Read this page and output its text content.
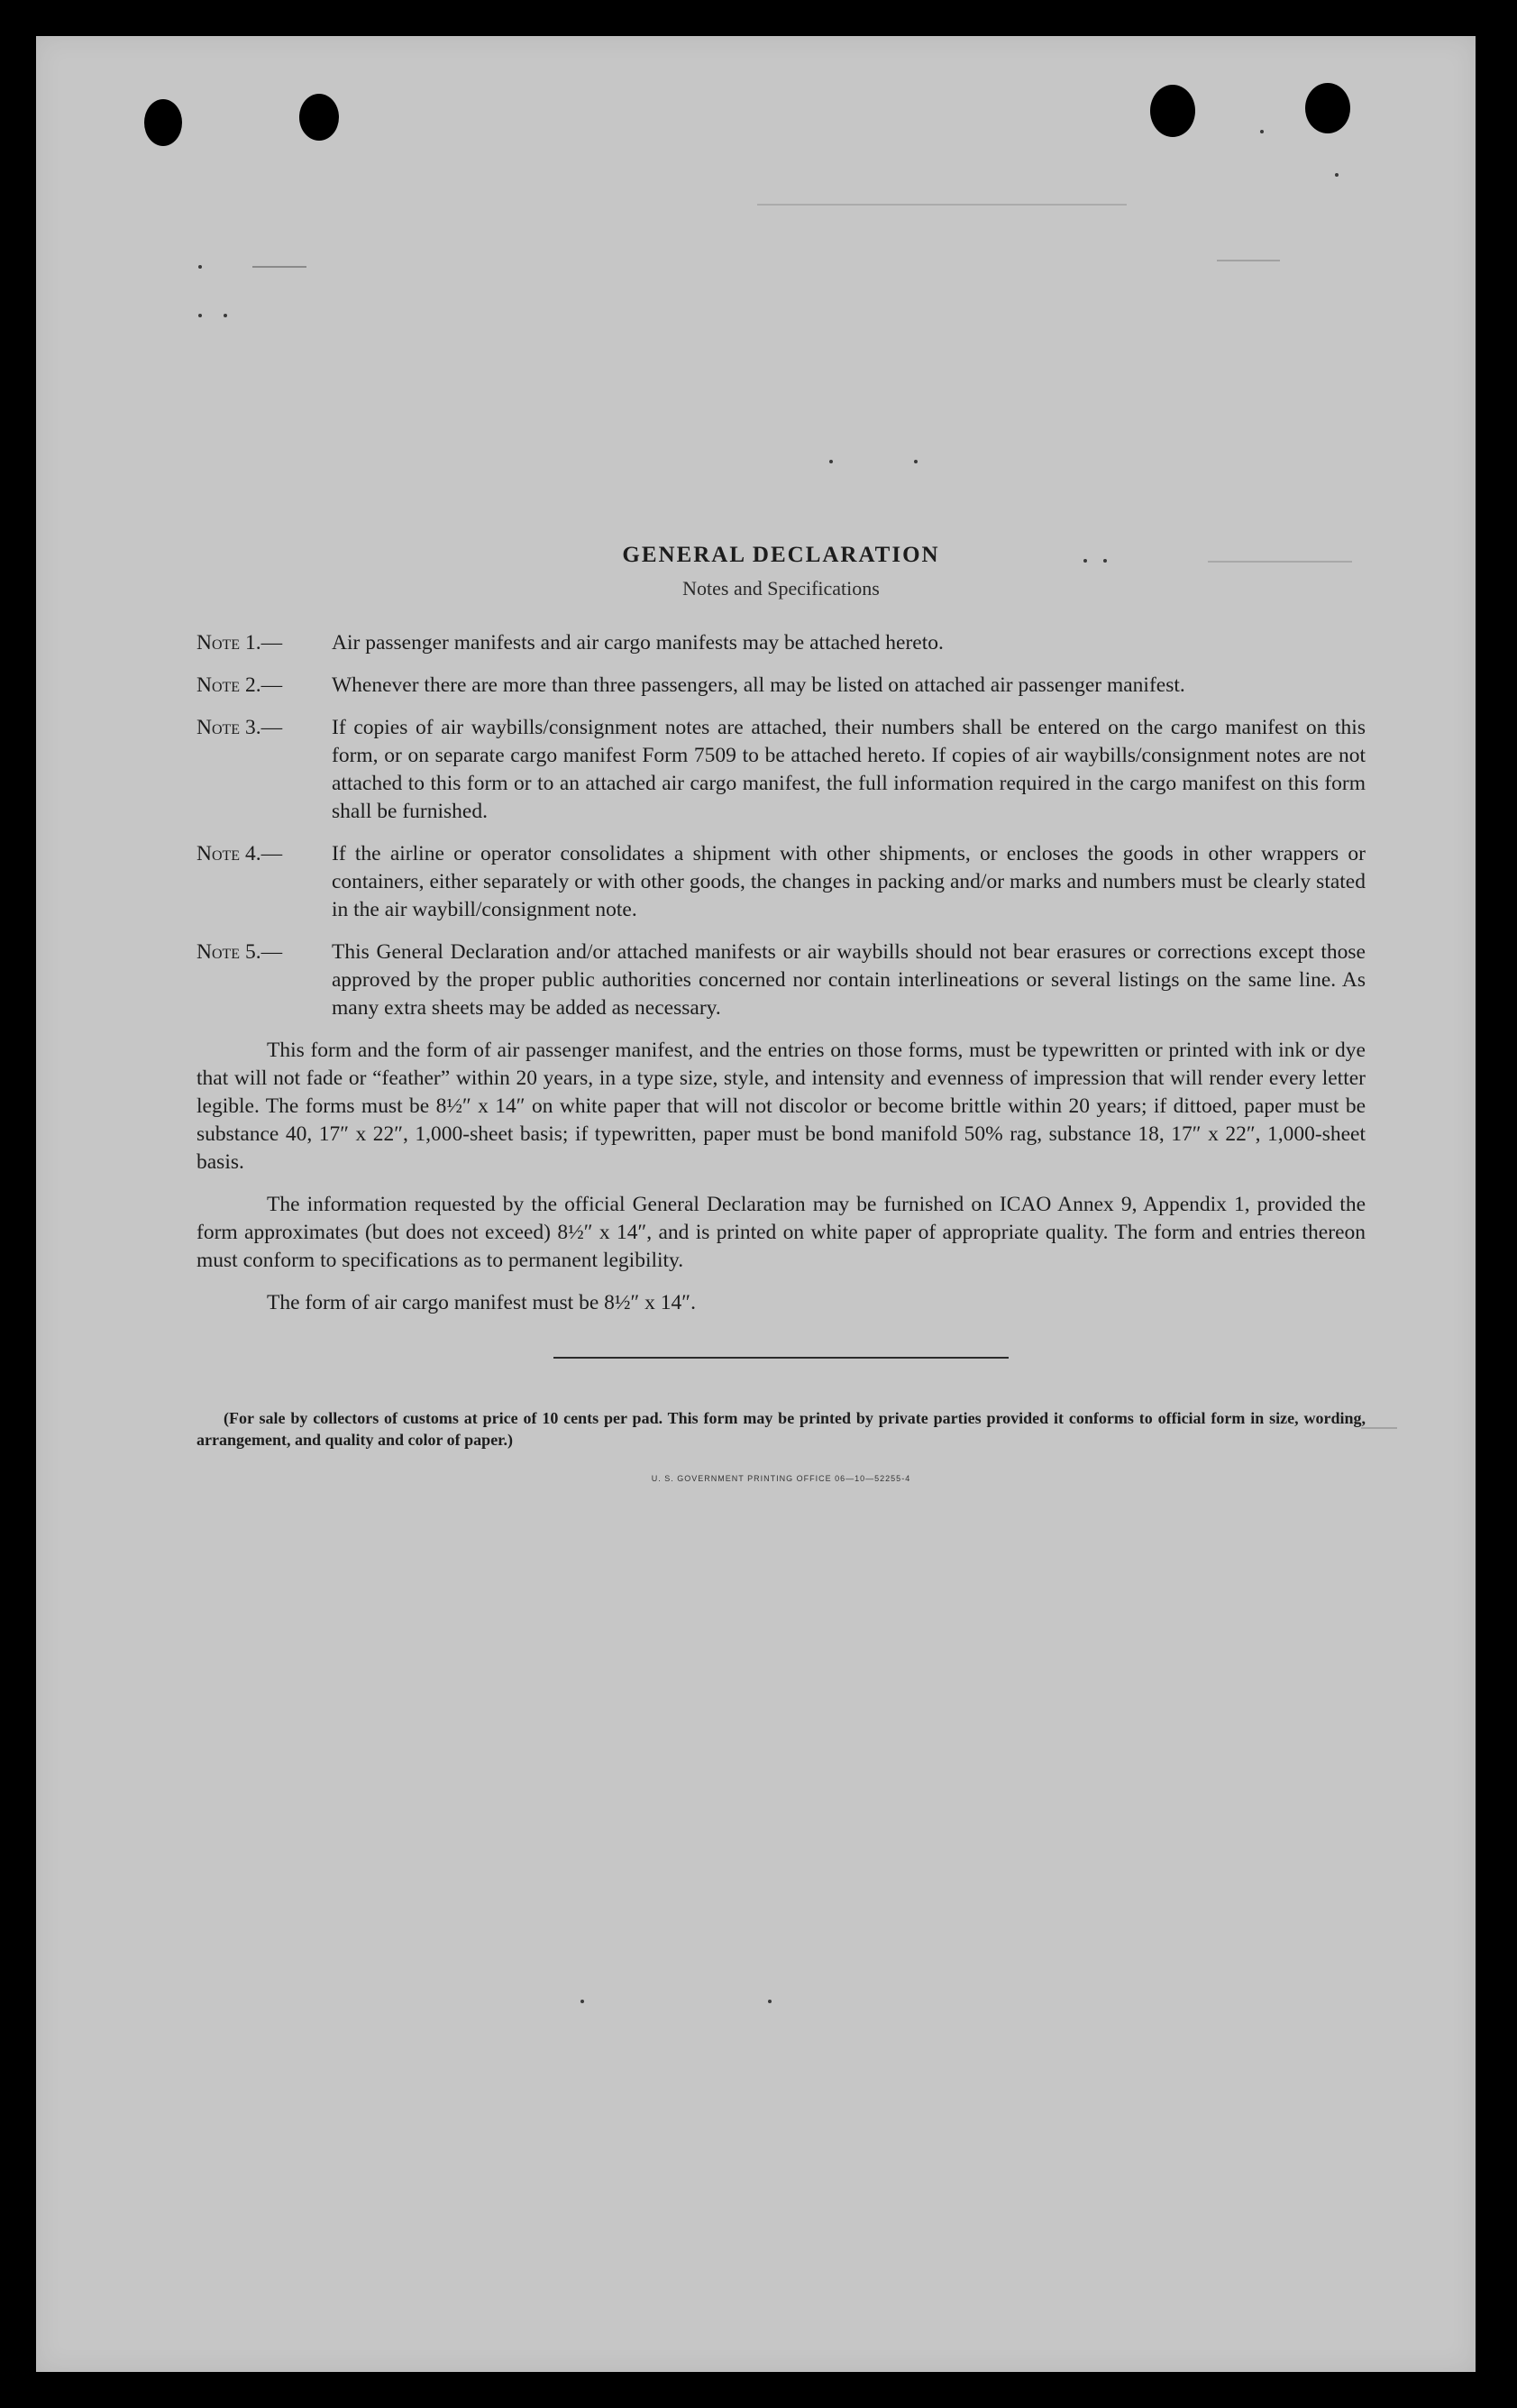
GENERAL DECLARATION
Notes and Specifications
Note 1.—	Air passenger manifests and air cargo manifests may be attached hereto.
Note 2.—	Whenever there are more than three passengers, all may be listed on attached air passenger manifest.
Note 3.—	If copies of air waybills/consignment notes are attached, their numbers shall be entered on the cargo manifest on this form, or on separate cargo manifest Form 7509 to be attached hereto. If copies of air waybills/consignment notes are not attached to this form or to an attached air cargo manifest, the full information required in the cargo manifest on this form shall be furnished.
Note 4.—	If the airline or operator consolidates a shipment with other shipments, or encloses the goods in other wrappers or containers, either separately or with other goods, the changes in packing and/or marks and numbers must be clearly stated in the air waybill/consignment note.
Note 5.—	This General Declaration and/or attached manifests or air waybills should not bear erasures or corrections except those approved by the proper public authorities concerned nor contain interlineations or several listings on the same line. As many extra sheets may be added as necessary.
This form and the form of air passenger manifest, and the entries on those forms, must be typewritten or printed with ink or dye that will not fade or “feather” within 20 years, in a type size, style, and intensity and evenness of impression that will render every letter legible. The forms must be 8½″ x 14″ on white paper that will not discolor or become brittle within 20 years; if dittoed, paper must be substance 40, 17″ x 22″, 1,000-sheet basis; if typewritten, paper must be bond manifold 50% rag, substance 18, 17″ x 22″, 1,000-sheet basis.
The information requested by the official General Declaration may be furnished on ICAO Annex 9, Appendix 1, provided the form approximates (but does not exceed) 8½″ x 14″, and is printed on white paper of appropriate quality. The form and entries thereon must conform to specifications as to permanent legibility.
The form of air cargo manifest must be 8½″ x 14″.
(For sale by collectors of customs at price of 10 cents per pad. This form may be printed by private parties provided it conforms to official form in size, wording, arrangement, and quality and color of paper.)
U. S. GOVERNMENT PRINTING OFFICE 06—10—52255-4
